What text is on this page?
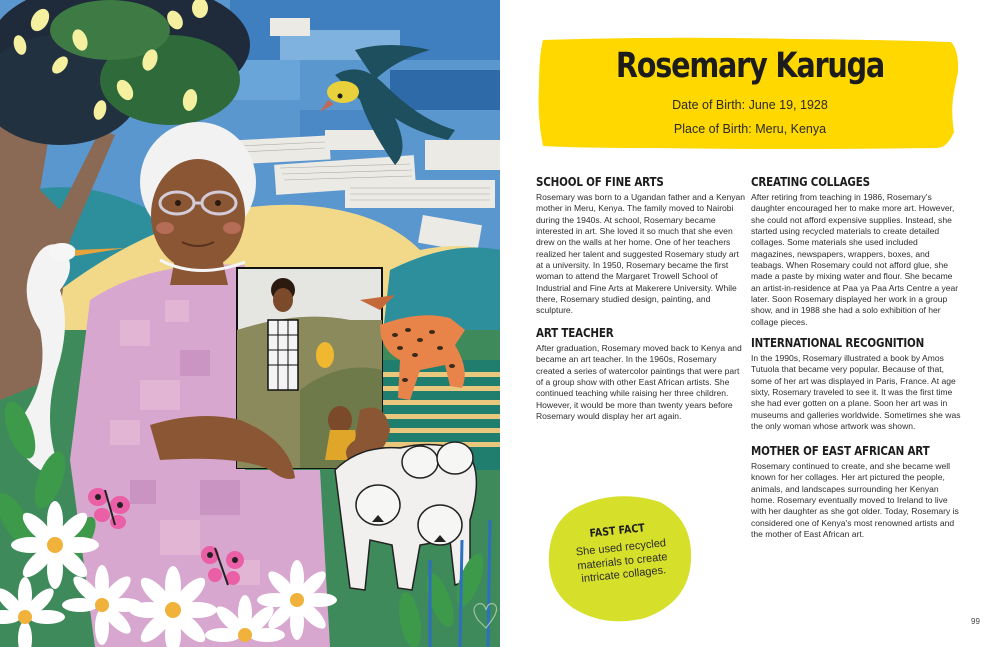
Rosemary Karuga
Date of Birth: June 19, 1928
Place of Birth: Meru, Kenya
SCHOOL OF FINE ARTS

Rosemary was born to a Ugandan father and a Kenyan mother in Meru, Kenya. The family moved to Nairobi during the 1940s. At school, Rosemary became interested in art. She loved it so much that she even drew on the walls at her home. One of her teachers realized her talent and suggested Rosemary study art at a university. In 1950, Rosemary became the first woman to attend the Margaret Trowell School of Industrial and Fine Arts at Makerere University. While there, Rosemary studied design, painting, and sculpture.

ART TEACHER

After graduation, Rosemary moved back to Kenya and became an art teacher. In the 1960s, Rosemary created a series of watercolor paintings that were part of a group show with other East African artists. She continued teaching while raising her three children. However, it would be more than twenty years before Rosemary would display her art again.

CREATING COLLAGES

After retiring from teaching in 1986, Rosemary's daughter encouraged her to make more art. However, she could not afford expensive supplies. Instead, she started using recycled materials to create detailed collages. Some materials she used included magazines, newspapers, wrappers, boxes, and teabags. When Rosemary could not afford glue, she made a paste by mixing water and flour. She became an artist-in-residence at Paa ya Paa Arts Centre a year later. Soon Rosemary displayed her work in a group show, and in 1988 she had a solo exhibition of her collage pieces.

INTERNATIONAL RECOGNITION

In the 1990s, Rosemary illustrated a book by Amos Tutuola that became very popular. Because of that, some of her art was displayed in Paris, France. At age sixty, Rosemary traveled to see it. It was the first time she had ever gotten on a plane. Soon her art was in museums and galleries worldwide. Sometimes she was the only woman whose artwork was shown.

MOTHER OF EAST AFRICAN ART

Rosemary continued to create, and she became well known for her collages. Her art pictured the people, animals, and landscapes surrounding her Kenyan home. Rosemary eventually moved to Ireland to live with her daughter as she got older. Today, Rosemary is considered one of Kenya's most renowned artists and the mother of East African art.

FAST FACT
She used recycled materials to create intricate collages.
99
